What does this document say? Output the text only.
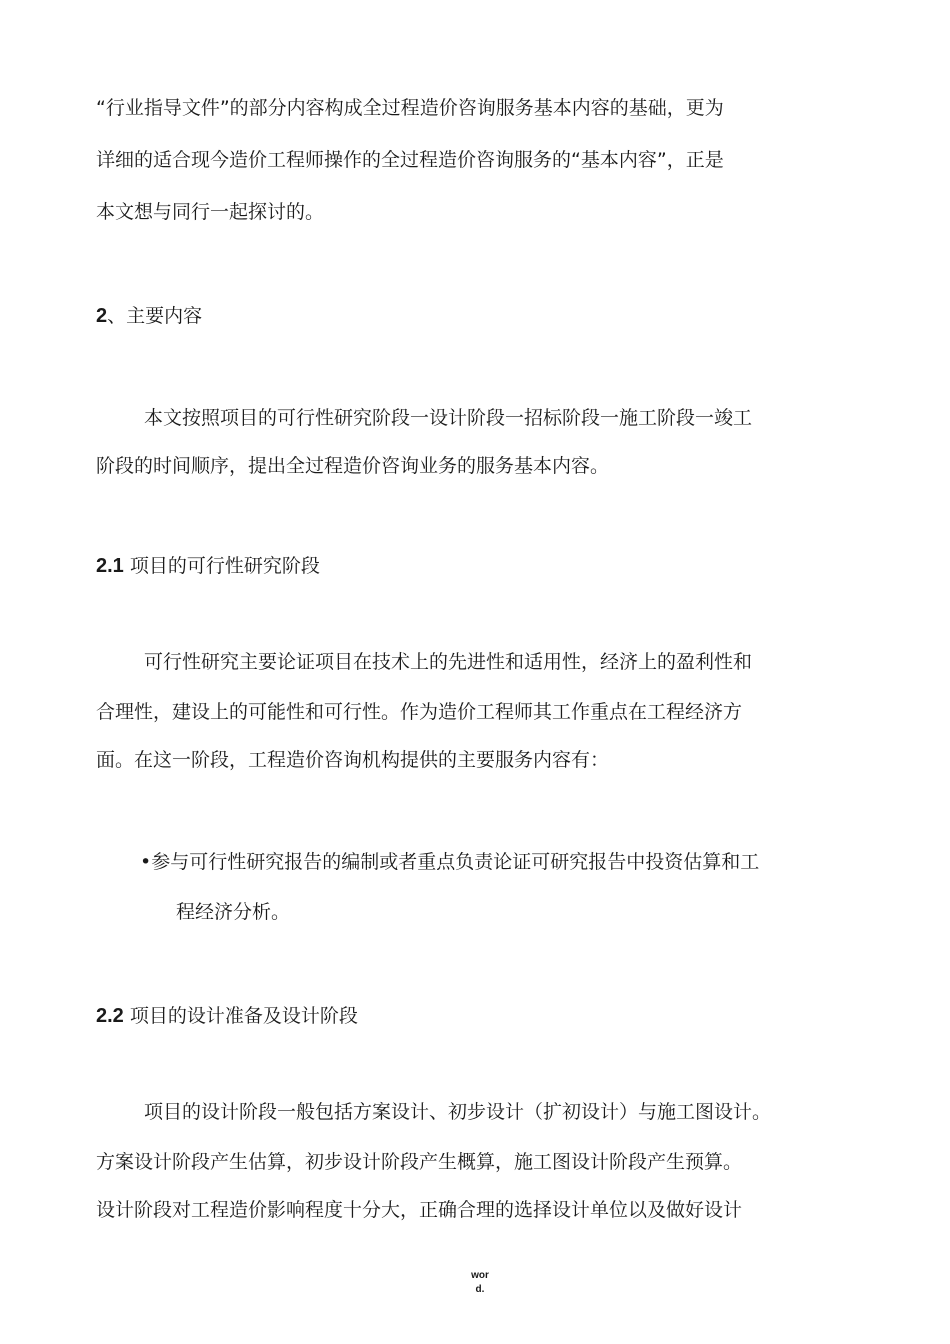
“行业指导文件”的部分内容构成全过程造价咨询服务基本内容的基础，更为

详细的适合现今造价工程师操作的全过程造价咨询服务的“基本内容”，正是

本文想与同行一起探讨的。

2、主要内容

本文按照项目的可行性研究阶段一设计阶段一招标阶段一施工阶段一竣工

阶段的时间顺序，提出全过程造价咨询业务的服务基本内容。

2.1 项目的可行性研究阶段

可行性研究主要论证项目在技术上的先进性和适用性，经济上的盈利性和

合理性，建设上的可能性和可行性。作为造价工程师其工作重点在工程经济方

面。在这一阶段，工程造价咨询机构提供的主要服务内容有：

•参与可行性研究报告的编制或者重点负责论证可研究报告中投资估算和工

程经济分析。

2.2 项目的设计准备及设计阶段

项目的设计阶段一般包括方案设计、初步设计（扩初设计）与施工图设计。

方案设计阶段产生估算，初步设计阶段产生概算，施工图设计阶段产生预算。

设计阶段对工程造价影响程度十分大，正确合理的选择设计单位以及做好设计

wor
d.
